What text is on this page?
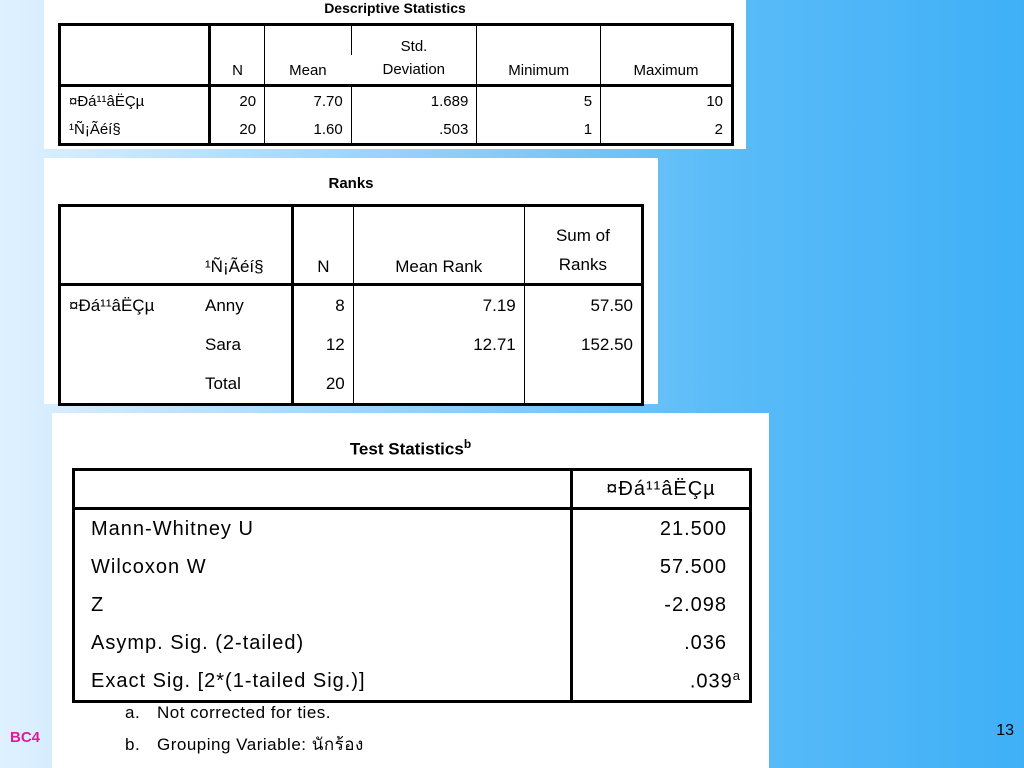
Descriptive Statistics
	N	Mean	Std.	Minimum	Maximum
			Deviation		
¤Ðá¹¹âËÇµ	20	7.70	1.689	5	10
¹Ñ¡Ãéí§	20	1.60	.503	1	2
Ranks
	¹Ñ¡Ãéí§	N	Mean Rank	Sum of
Ranks

¤Ðá¹¹âËÇµ	Anny	8	7.19	57.50
	Sara	12	12.71	152.50
	Total	20		
Test Statistics$^b$
	¤Ðá¹¹âËÇµ
Mann-Whitney U	21.500
Wilcoxon W	57.500
Z	-2.098
Asymp. Sig. (2-tailed)	.036
Exact Sig. [2*(1-tailed Sig.)]	.039$^a$
a. Not corrected for ties.
b. Grouping Variable: นักร้อง
BC4	13
